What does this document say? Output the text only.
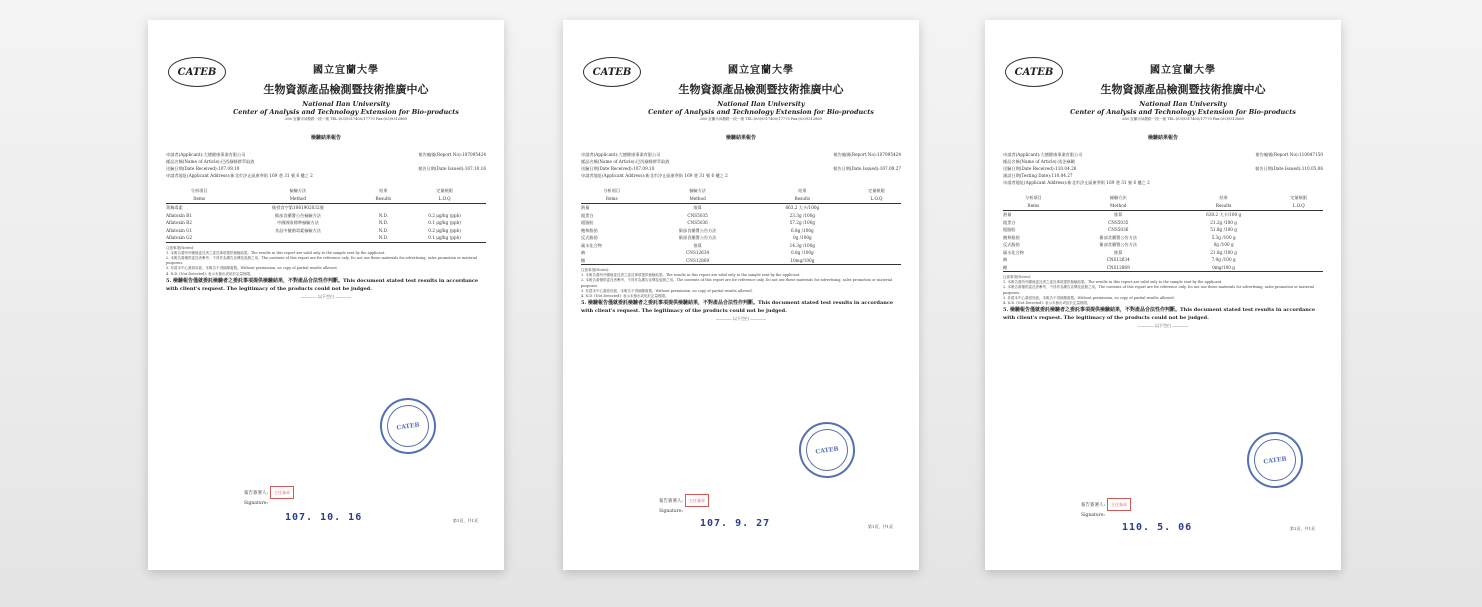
CATEB	國立宜蘭大學
生物資源產品檢測暨技術推廣中心
National Ilan University
Center of Analysis and Technology Extension for Bio-products
260 宜蘭市神農路一段一號 TEL:(03)9317400/17770 Fax:(03)9312869
檢驗結果報告
申請者(Applicant):大德健康事業有限公司	報告編號(Report No):107095424
樣品名稱(Name of Article):巴西綠蜂膠萃取液
送驗日期(Date Received):107.09.10	報告日期(Date Issued):107.10.16
申請者地址(Applicant Address):新北市汐止區康寧街 169 巷 31 號 6 樓之 2
分析項目	檢驗方法	結果	定量極限
Items	Method	Results	L.O.Q
黃麴毒素	衛授食字第1061902032號		
Aflatoxin B1	衛部食藥署公告檢驗方法	N.D.	0.2 μg/kg (ppb)
Aflatoxin B2	中國國家標準檢驗方法	N.D.	0.1 μg/kg (ppb)
Aflatoxin G1	食品中黴菌毒素檢驗方法	N.D.	0.2 μg/kg (ppb)
Aflatoxin G2		N.D.	0.1 μg/kg (ppb)
注意事項(Notes):
1. 本報告書所列僅就委託者之委託事項提供檢驗結果。The results in this report are valid only to the sample sent by the applicant.
2. 本報告書僅供委託者參考，不得作為廣告宣傳及促銷之用。The contents of this report are for reference only. Do not use these materials for advertising, sales promotion or material purposes.
3. 非經本中心書面同意，本報告不得摘錄複製。Without permission, no copy of partial results allowed.
4. N.D. (Not Detected): 表示未檢出或低於定量極限。
5. 檢驗報告僅就委託檢驗者之委託事項提供檢驗結果，不對產品合法性作判斷。This document stated test results in accordance with client's request. The legitimacy of the products could not be judged.
———— 以下空白 ————
CATEB
報告簽署人: 主任簽章
Signature:
107. 10. 16	第1頁，共1頁
CATEB	國立宜蘭大學
生物資源產品檢測暨技術推廣中心
National Ilan University
Center of Analysis and Technology Extension for Bio-products
260 宜蘭市神農路一段一號 TEL:(03)9317400/17770 Fax:(03)9312869
檢驗結果報告
申請者(Applicant):大德健康事業有限公司	報告編號(Report No):107095424
樣品名稱(Name of Article):巴西綠蜂膠萃取液
送驗日期(Date Received):107.09.10	報告日期(Date Issued):107.09.27
申請者地址(Applicant Address):新北市汐止區康寧街 169 巷 31 號 6 樓之 2
分析項目	檢驗方法	結果	定量極限
Items	Method	Results	L.O.Q
熱量	推算	663.2 大卡/100g	
粗蛋白	CNS5035	23.3g /100g	
粗脂肪	CNS5036	57.2g /100g	
飽和脂肪	衛部食藥署公告方法	6.8g /100g	
反式脂肪	衛部食藥署公告方法	0g /100g	
碳水化合物	推算	14.3g /100g	
鈉	CNS12634	0.8g /100g	
糖	CNS12869	10mg/100g	
注意事項(Notes):
1. 本報告書所列僅就委託者之委託事項提供檢驗結果。The results in this report are valid only to the sample sent by the applicant.
2. 本報告書僅供委託者參考，不得作為廣告宣傳及促銷之用。The contents of this report are for reference only. Do not use these materials for advertising, sales promotion or material purposes.
3. 非經本中心書面同意，本報告不得摘錄複製。Without permission, no copy of partial results allowed.
4. N.D. (Not Detected): 表示未檢出或低於定量極限。
5. 檢驗報告僅就委託檢驗者之委託事項提供檢驗結果，不對產品合法性作判斷。This document stated test results in accordance with client's request. The legitimacy of the products could not be judged.
———— 以下空白 ————
CATEB
報告簽署人: 主任簽章
Signature:
107. 9. 27	第1頁，共1頁
CATEB	國立宜蘭大學
生物資源產品檢測暨技術推廣中心
National Ilan University
Center of Analysis and Technology Extension for Bio-products
260 宜蘭市神農路一段一號 TEL:(03)9317400/17770 Fax:(03)9312869
檢驗結果報告
申請者(Applicant):大德健康事業有限公司	報告編號(Report No):110047150
樣品名稱(Name of Article):黑芝麻糊
送驗日期(Date Received):110.04.26	報告日期(Date Issued):110.05.06
測試日期(Testing Date):110.04.27
申請者地址(Applicant Address):新北市汐止區康寧街 169 巷 31 號 6 樓之 2
分析項目	檢驗方法	結果	定量極限
Items	Method	Results	L.O.Q
熱量	推算	638.2 大卡/100 g	
粗蛋白	CNS5035	21.2g /100 g	
粗脂肪	CNS5036	51.8g /100 g	
飽和脂肪	衛部食藥署公告方法	5.3g /100 g	
反式脂肪	衛部食藥署公告方法	0g /100 g	
碳水化合物	推算	21.8g /100 g	
鈉	CNS12634	7.9g /100 g	
糖	CNS12869	0mg/100 g	
注意事項(Notes):
1. 本報告書所列僅就委託者之委託事項提供檢驗結果。The results in this report are valid only to the sample sent by the applicant.
2. 本報告書僅供委託者參考，不得作為廣告宣傳及促銷之用。The contents of this report are for reference only. Do not use these materials for advertising, sales promotion or material purposes.
3. 非經本中心書面同意，本報告不得摘錄複製。Without permission, no copy of partial results allowed.
4. N.D. (Not Detected): 表示未檢出或低於定量極限。
5. 檢驗報告僅就委託檢驗者之委託事項提供檢驗結果，不對產品合法性作判斷。This document stated test results in accordance with client's request. The legitimacy of the products could not be judged.
———— 以下空白 ————
CATEB
報告簽署人: 主任簽章
Signature:
110. 5. 06	第1頁，共1頁
